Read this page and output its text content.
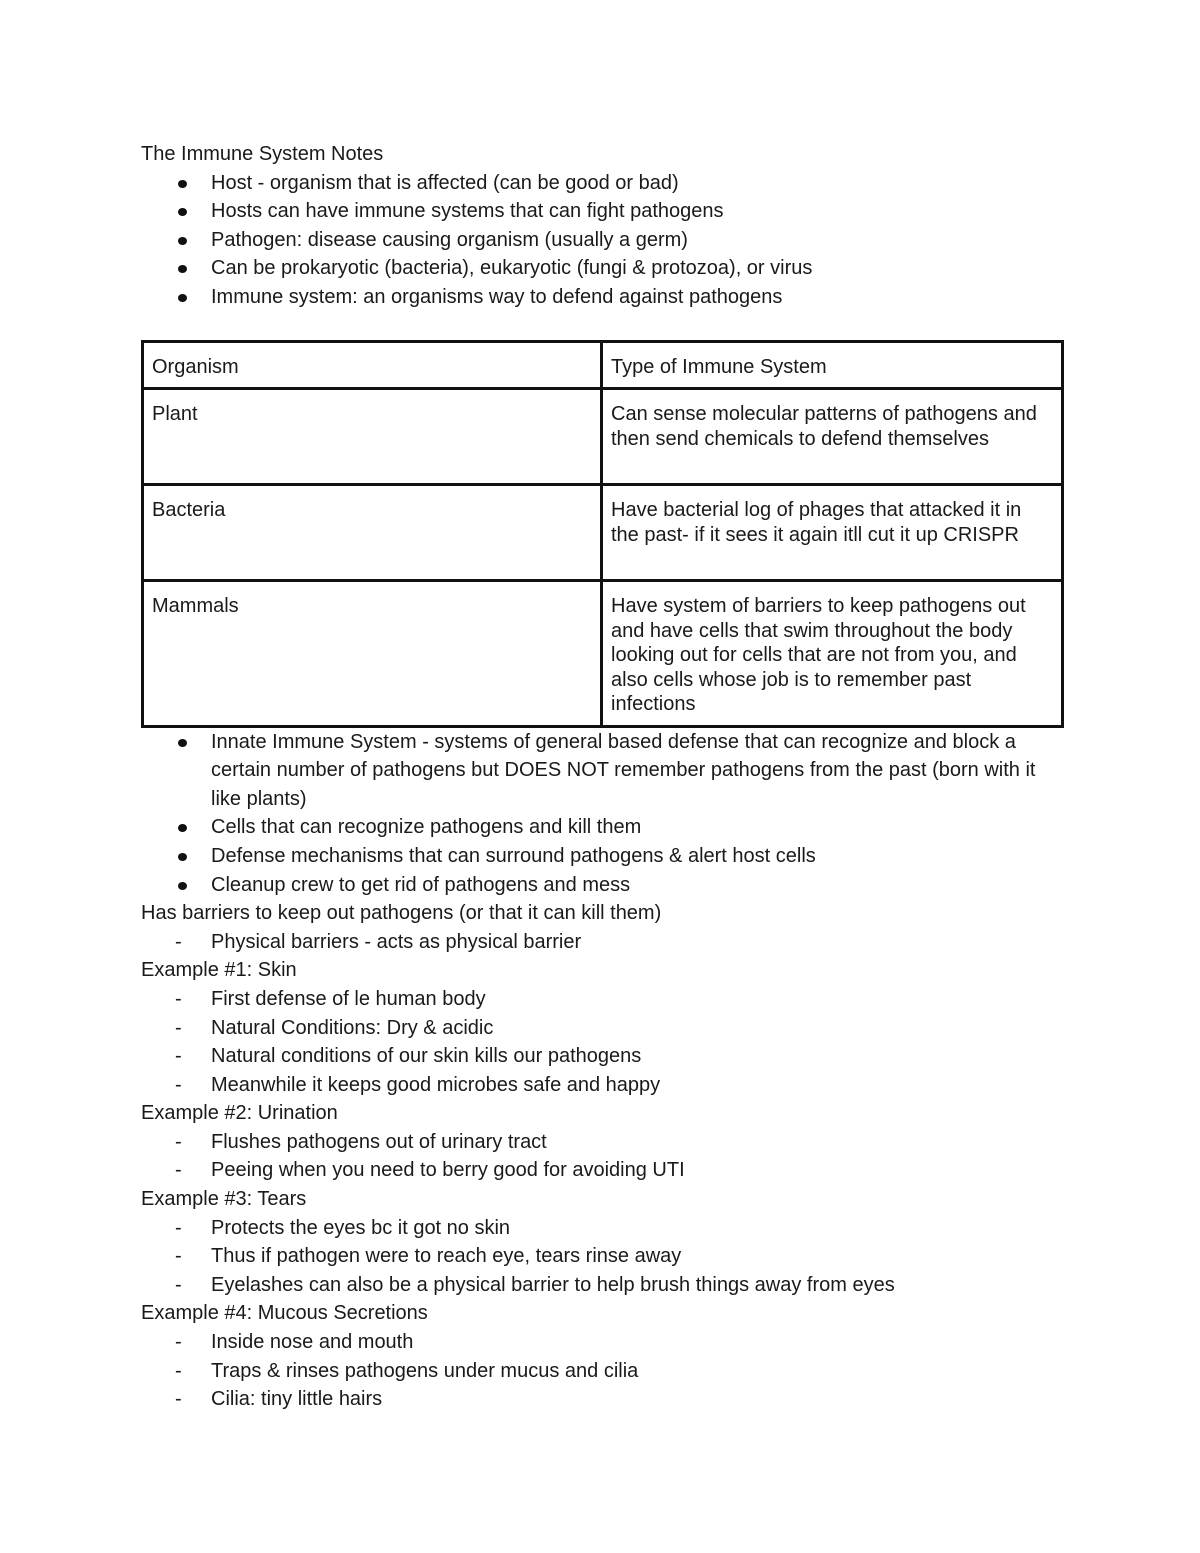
The Immune System Notes
Host - organism that is affected (can be good or bad)
Hosts can have immune systems that can fight pathogens
Pathogen: disease causing organism (usually a germ)
Can be prokaryotic (bacteria), eukaryotic (fungi & protozoa), or virus
Immune system: an organisms way to defend against pathogens
Organism	Type of Immune System
Plant	Can sense molecular patterns of pathogens and then send chemicals to defend themselves
Bacteria	Have bacterial log of phages that attacked it in the past- if it sees it again itll cut it up CRISPR
Mammals	Have system of barriers to keep pathogens out and have cells that swim throughout the body looking out for cells that are not from you, and also cells whose job is to remember past infections
Innate Immune System - systems of general based defense that can recognize and block a certain number of pathogens but DOES NOT remember pathogens from the past (born with it like plants)
Cells that can recognize pathogens and kill them
Defense mechanisms that can surround pathogens & alert host cells
Cleanup crew to get rid of pathogens and mess
Has barriers to keep out pathogens (or that it can kill them)
- Physical barriers - acts as physical barrier
Example #1: Skin
- First defense of le human body
- Natural Conditions: Dry & acidic
- Natural conditions of our skin kills our pathogens
- Meanwhile it keeps good microbes safe and happy
Example #2: Urination
- Flushes pathogens out of urinary tract
- Peeing when you need to berry good for avoiding UTI
Example #3: Tears
- Protects the eyes bc it got no skin
- Thus if pathogen were to reach eye, tears rinse away
- Eyelashes can also be a physical barrier to help brush things away from eyes
Example #4: Mucous Secretions
- Inside nose and mouth
- Traps & rinses pathogens under mucus and cilia
- Cilia: tiny little hairs
